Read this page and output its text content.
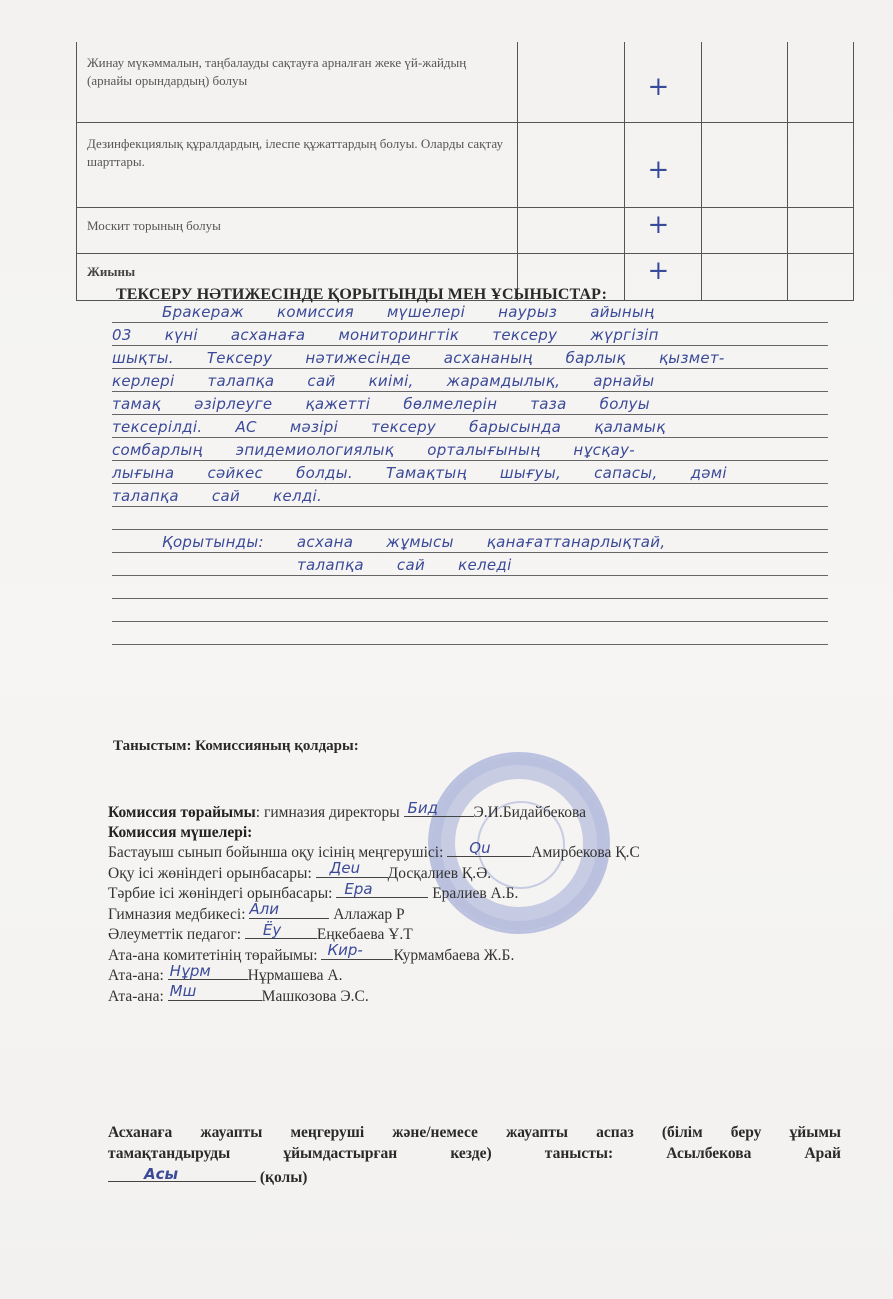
Жинау мүкәммалын, таңбалауды сақтауға арналған жеке үй-жайдың (арнайы орындардың) болуы		+		

Дезинфекциялық құралдардың, ілеспе құжаттардың болуы. Оларды сақтау шарттары.		+		

Москит торының болуы		+		

Жиыны		+		

ТЕКСЕРУ НӘТИЖЕСІНДЕ ҚОРЫТЫНДЫ МЕН ҰСЫНЫСТАР:
Бракераж комиссия мүшелері наурыз айының
03 күні асханаға мониторингтік тексеру жүргізіп
шықты. Тексеру нәтижесінде асхананың барлық қызмет-
керлері талапқа сай киімі, жарамдылық, арнайы
тамақ әзірлеуге қажетті бөлмелерін таза болуы
тексерілді. АС мәзірі тексеру барысында қаламық
сомбарлың эпидемиологиялық орталығының нұсқау-
лығына сәйкес болды. Тамақтың шығуы, сапасы, дәмі
талапқа сай келді.
Қорытынды: асхана жұмысы қанағаттанарлықтай,
талапқа сай келеді
Таныстым: Комиссияның қолдары:
Комиссия төрайымы: гимназия директоры Бид Э.И.Бидайбекова
Комиссия мүшелері:
Бастауыш сынып бойынша оқу ісінің меңгерушісі: Qu	Амирбекова Қ.С
Оқу ісі жөніндегі орынбасары: Деu Досқалиев Қ.Ә.
Тәрбие ісі жөніндегі орынбасары: Ерa	Ералиев А.Б.
Гимназия медбикесі: Али	Аллажар Р
Әлеуметтік педагог: Ёу Еңкебаева Ұ.Т
Ата-ана комитетінің төрайымы: Кир- Курмамбаева Ж.Б.
Ата-ана: Нұрм Нұрмашева А.
Ата-ана: Мш	Машкозова Э.С.
Асханаға жауапты меңгеруші және/немесе жауапты аспаз (білім беру ұйымы
тамақтандыруды	ұйымдастырған	кезде)	танысты:	Асылбекова	Арай
Асы	(қолы)
